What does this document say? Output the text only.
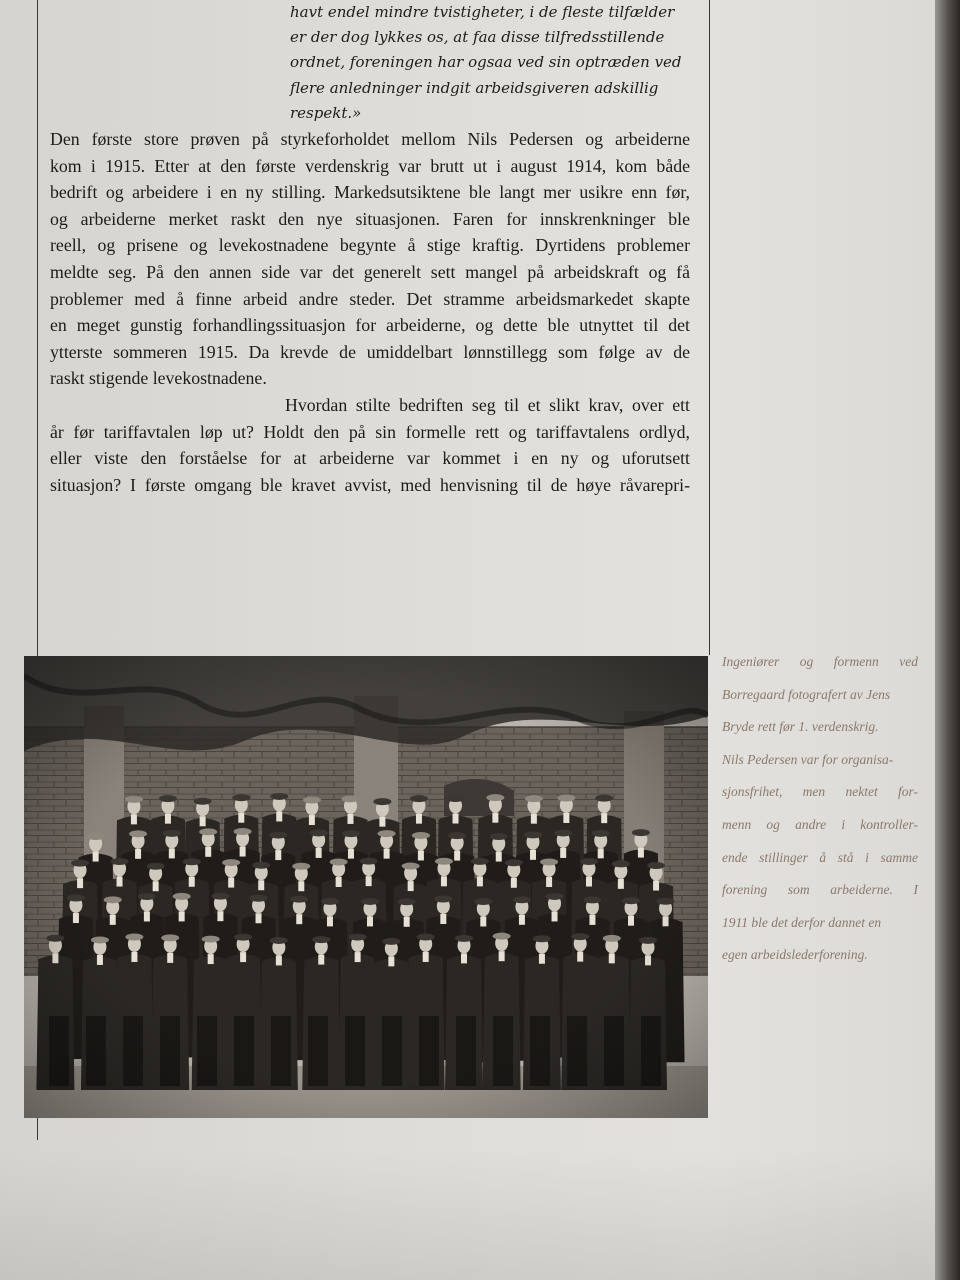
havt endel mindre tvistigheter, i de fleste tilfælder
er der dog lykkes os, at faa disse tilfredsstillende
ordnet, foreningen har ogsaa ved sin optræden ved
flere anledninger indgit arbeidsgiveren adskillig
respekt.»
Den første store prøven på styrkeforholdet mellom Nils Pedersen og arbeiderne
kom i 1915. Etter at den første verdenskrig var brutt ut i august 1914, kom både
bedrift og arbeidere i en ny stilling. Markedsutsiktene ble langt mer usikre enn før,
og arbeiderne merket raskt den nye situasjonen. Faren for innskrenkninger ble
reell, og prisene og levekostnadene begynte å stige kraftig. Dyrtidens problemer
meldte seg. På den annen side var det generelt sett mangel på arbeidskraft og få
problemer med å finne arbeid andre steder. Det stramme arbeidsmarkedet skapte
en meget gunstig forhandlingssituasjon for arbeiderne, og dette ble utnyttet til det
ytterste sommeren 1915. Da krevde de umiddelbart lønnstillegg som følge av de
raskt stigende levekostnadene.
Hvordan stilte bedriften seg til et slikt krav, over ett
år før tariffavtalen løp ut? Holdt den på sin formelle rett og tariffavtalens ordlyd,
eller viste den forståelse for at arbeiderne var kommet i en ny og uforutsett
situasjon? I første omgang ble kravet avvist, med henvisning til de høye råvarepri-
Ingeniører og formenn ved
Borregaard fotografert av Jens
Bryde rett før 1. verdenskrig.
Nils Pedersen var for organisa-
sjonsfrihet, men nektet for-
menn og andre i kontroller-
ende stillinger å stå i samme
forening som arbeiderne. I
1911 ble det derfor dannet en
egen arbeidslederforening.
